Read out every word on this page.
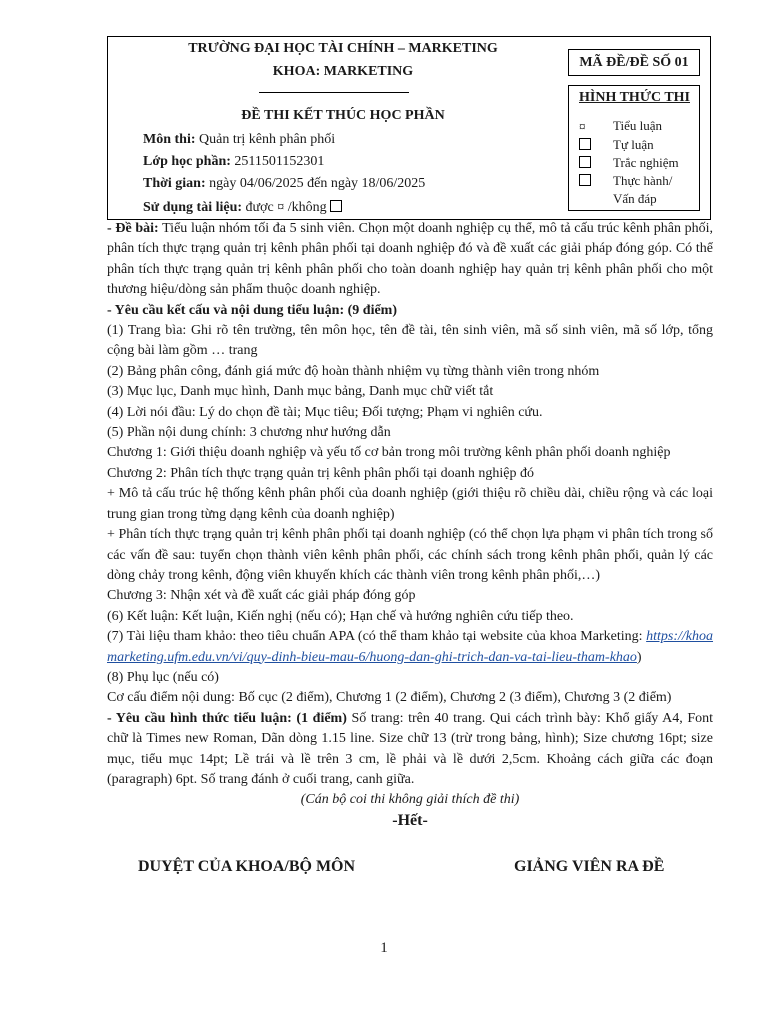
TRƯỜNG ĐẠI HỌC TÀI CHÍNH – MARKETING
KHOA: MARKETING
ĐỀ THI KẾT THÚC HỌC PHẦN
Môn thi: Quản trị kênh phân phối
Lớp học phần: 2511501152301
Thời gian: ngày 04/06/2025 đến ngày 18/06/2025
Sử dụng tài liệu: được ¤ /không
MÃ ĐỀ/ĐỀ SỐ 01
HÌNH THỨC THI
¤ Tiểu luận
Tự luận
Trắc nghiệm
Thực hành/
Vấn đáp

- Đề bài: Tiểu luận nhóm tối đa 5 sinh viên. Chọn một doanh nghiệp cụ thể, mô tả cấu trúc kênh phân phối, phân tích thực trạng quản trị kênh phân phối tại doanh nghiệp đó và đề xuất các giải pháp đóng góp. Có thể phân tích thực trạng quản trị kênh phân phối cho toàn doanh nghiệp hay quản trị kênh phân phối cho một thương hiệu/dòng sản phẩm thuộc doanh nghiệp.

- Yêu cầu kết cấu và nội dung tiểu luận: (9 điểm)

(1) Trang bìa: Ghi rõ tên trường, tên môn học, tên đề tài, tên sinh viên, mã số sinh viên, mã số lớp, tổng cộng bài làm gồm … trang

(2) Bảng phân công, đánh giá mức độ hoàn thành nhiệm vụ từng thành viên trong nhóm

(3) Mục lục, Danh mục hình, Danh mục bảng, Danh mục chữ viết tắt

(4) Lời nói đầu: Lý do chọn đề tài; Mục tiêu; Đối tượng; Phạm vi nghiên cứu.

(5) Phần nội dung chính: 3 chương như hướng dẫn

Chương 1: Giới thiệu doanh nghiệp và yếu tố cơ bản trong môi trường kênh phân phối doanh nghiệp

Chương 2: Phân tích thực trạng quản trị kênh phân phối tại doanh nghiệp đó

+ Mô tả cấu trúc hệ thống kênh phân phối của doanh nghiệp (giới thiệu rõ chiều dài, chiều rộng và các loại trung gian trong từng dạng kênh của doanh nghiệp)

+ Phân tích thực trạng quản trị kênh phân phối tại doanh nghiệp (có thể chọn lựa phạm vi phân tích trong số các vấn đề sau: tuyển chọn thành viên kênh phân phối, các chính sách trong kênh phân phối, quản lý các dòng chảy trong kênh, động viên khuyến khích các thành viên trong kênh phân phối,…)

Chương 3: Nhận xét và đề xuất các giải pháp đóng góp

(6) Kết luận: Kết luận, Kiến nghị (nếu có); Hạn chế và hướng nghiên cứu tiếp theo.

(7) Tài liệu tham khảo: theo tiêu chuẩn APA (có thể tham khảo tại website của khoa Marketing: https://khoamarketing.ufm.edu.vn/vi/quy-dinh-bieu-mau-6/huong-dan-ghi-trich-dan-va-tai-lieu-tham-khao)

(8) Phụ lục (nếu có)

Cơ cấu điểm nội dung: Bố cục (2 điểm), Chương 1 (2 điểm), Chương 2 (3 điểm), Chương 3 (2 điểm)

- Yêu cầu hình thức tiểu luận: (1 điểm) Số trang: trên 40 trang. Qui cách trình bày: Khổ giấy A4, Font chữ là Times new Roman, Dãn dòng 1.15 line. Size chữ 13 (trừ trong bảng, hình); Size chương 16pt; size mục, tiểu mục 14pt; Lề trái và lề trên 3 cm, lề phải và lề dưới 2,5cm. Khoảng cách giữa các đoạn (paragraph) 6pt. Số trang đánh ở cuối trang, canh giữa.

(Cán bộ coi thi không giải thích đề thi)

-Hết-

DUYỆT CỦA KHOA/BỘ MÔN	GIẢNG VIÊN RA ĐỀ
1
